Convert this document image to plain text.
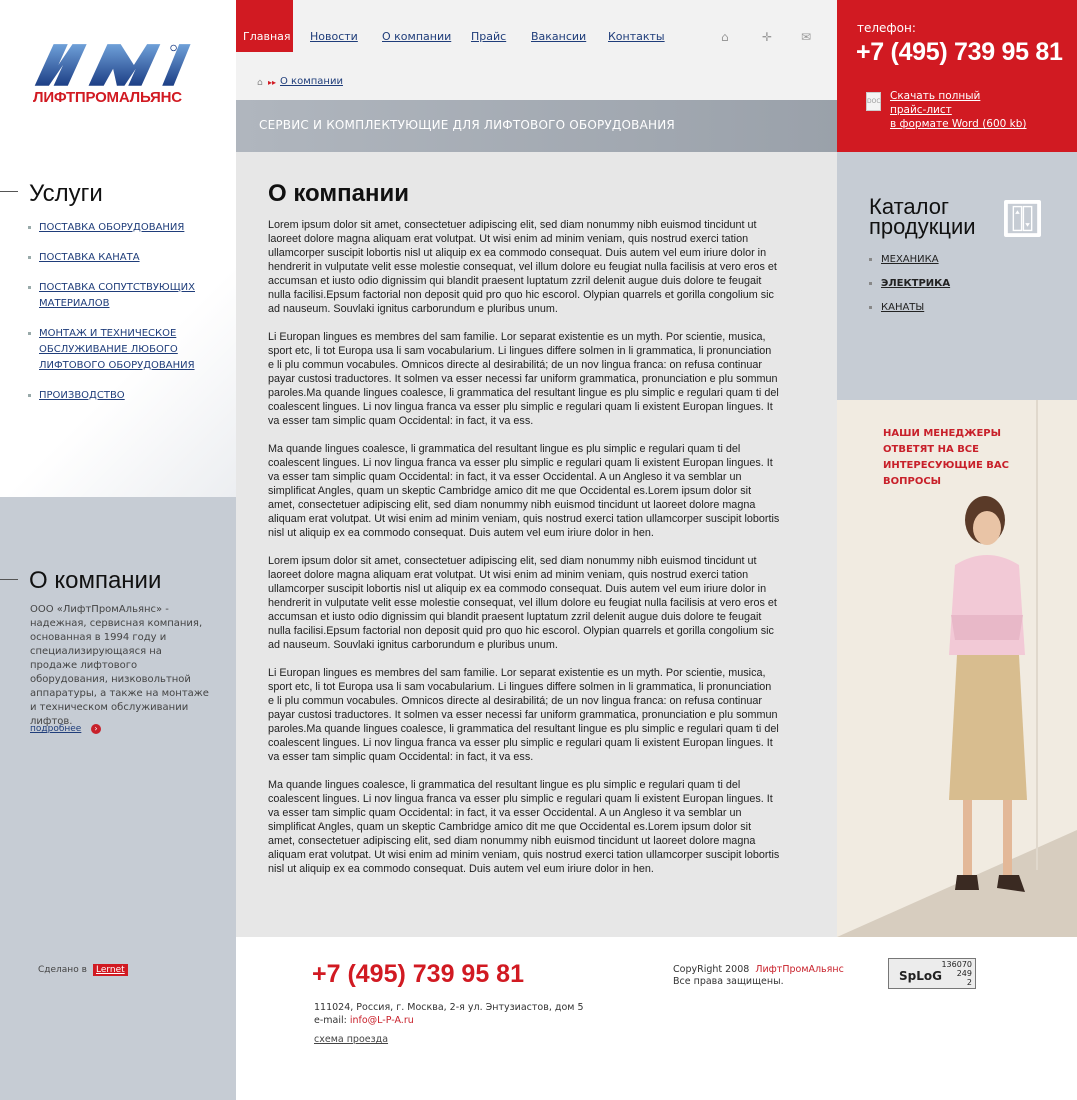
ЛИФТПРОМАЛЬЯНС
Услуги
ПОСТАВКА ОБОРУДОВАНИЯ
ПОСТАВКА КАНАТА
ПОСТАВКА СОПУТСТВУЮЩИХ МАТЕРИАЛОВ
МОНТАЖ И ТЕХНИЧЕСКОЕ ОБСЛУЖИВАНИЕ ЛЮБОГО ЛИФТОВОГО ОБОРУДОВАНИЯ
ПРОИЗВОДСТВО
О компании
ООО «ЛифтПромАльянс» - надежная, сервисная компания, основанная в 1994 году и специализирующаяся на продаже лифтового оборудования, низковольтной аппаратуры, а также на монтаже и техническом обслуживании лифтов.
подробнее	›
Главная Новости О компании Прайс Вакансии Контакты	⌂	✛ ✉
⌂ ▸▸ О компании
СЕРВИС И КОМПЛЕКТУЮЩИЕ ДЛЯ ЛИФТОВОГО ОБОРУДОВАНИЯ
О компании

Lorem ipsum dolor sit amet, consectetuer adipiscing elit, sed diam nonummy nibh euismod tincidunt ut laoreet dolore magna aliquam erat volutpat. Ut wisi enim ad minim veniam, quis nostrud exerci tation ullamcorper suscipit lobortis nisl ut aliquip ex ea commodo consequat. Duis autem vel eum iriure dolor in hendrerit in vulputate velit esse molestie consequat, vel illum dolore eu feugiat nulla facilisis at vero eros et accumsan et iusto odio dignissim qui blandit praesent luptatum zzril delenit augue duis dolore te feugait nulla facilisi.Epsum factorial non deposit quid pro quo hic escorol. Olypian quarrels et gorilla congolium sic ad nauseum. Souvlaki ignitus carborundum e pluribus unum.

Li Europan lingues es membres del sam familie. Lor separat existentie es un myth. Por scientie, musica, sport etc, li tot Europa usa li sam vocabularium. Li lingues differe solmen in li grammatica, li pronunciation e li plu commun vocabules. Omnicos directe al desirabilitá; de un nov lingua franca: on refusa continuar payar custosi traductores. It solmen va esser necessi far uniform grammatica, pronunciation e plu sommun paroles.Ma quande lingues coalesce, li grammatica del resultant lingue es plu simplic e regulari quam ti del coalescent lingues. Li nov lingua franca va esser plu simplic e regulari quam li existent Europan lingues. It va esser tam simplic quam Occidental: in fact, it va ess.

Ma quande lingues coalesce, li grammatica del resultant lingue es plu simplic e regulari quam ti del coalescent lingues. Li nov lingua franca va esser plu simplic e regulari quam li existent Europan lingues. It va esser tam simplic quam Occidental: in fact, it va esser Occidental. A un Angleso it va semblar un simplificat Angles, quam un skeptic Cambridge amico dit me que Occidental es.Lorem ipsum dolor sit amet, consectetuer adipiscing elit, sed diam nonummy nibh euismod tincidunt ut laoreet dolore magna aliquam erat volutpat. Ut wisi enim ad minim veniam, quis nostrud exerci tation ullamcorper suscipit lobortis nisl ut aliquip ex ea commodo consequat. Duis autem vel eum iriure dolor in hen.

Lorem ipsum dolor sit amet, consectetuer adipiscing elit, sed diam nonummy nibh euismod tincidunt ut laoreet dolore magna aliquam erat volutpat. Ut wisi enim ad minim veniam, quis nostrud exerci tation ullamcorper suscipit lobortis nisl ut aliquip ex ea commodo consequat. Duis autem vel eum iriure dolor in hendrerit in vulputate velit esse molestie consequat, vel illum dolore eu feugiat nulla facilisis at vero eros et accumsan et iusto odio dignissim qui blandit praesent luptatum zzril delenit augue duis dolore te feugait nulla facilisi.Epsum factorial non deposit quid pro quo hic escorol. Olypian quarrels et gorilla congolium sic ad nauseum. Souvlaki ignitus carborundum e pluribus unum.

Li Europan lingues es membres del sam familie. Lor separat existentie es un myth. Por scientie, musica, sport etc, li tot Europa usa li sam vocabularium. Li lingues differe solmen in li grammatica, li pronunciation e li plu commun vocabules. Omnicos directe al desirabilitá; de un nov lingua franca: on refusa continuar payar custosi traductores. It solmen va esser necessi far uniform grammatica, pronunciation e plu sommun paroles.Ma quande lingues coalesce, li grammatica del resultant lingue es plu simplic e regulari quam ti del coalescent lingues. Li nov lingua franca va esser plu simplic e regulari quam li existent Europan lingues. It va esser tam simplic quam Occidental: in fact, it va ess.

Ma quande lingues coalesce, li grammatica del resultant lingue es plu simplic e regulari quam ti del coalescent lingues. Li nov lingua franca va esser plu simplic e regulari quam li existent Europan lingues. It va esser tam simplic quam Occidental: in fact, it va esser Occidental. A un Angleso it va semblar un simplificat Angles, quam un skeptic Cambridge amico dit me que Occidental es.Lorem ipsum dolor sit amet, consectetuer adipiscing elit, sed diam nonummy nibh euismod tincidunt ut laoreet dolore magna aliquam erat volutpat. Ut wisi enim ad minim veniam, quis nostrud exerci tation ullamcorper suscipit lobortis nisl ut aliquip ex ea commodo consequat. Duis autem vel eum iriure dolor in hen.

телефон:
+7 (495) 739 95 81
DOC Скачать полный
прайс-лист
в формате Word (600 kb)
Каталог
продукции
МЕХАНИКА
ЭЛЕКТРИКА
КАНАТЫ
НАШИ МЕНЕДЖЕРЫ ОТВЕТЯТ НА ВСЕ ИНТЕРЕСУЮЩИЕ ВАС ВОПРОСЫ
Сделано в	Lernet	+7 (495) 739 95 81
111024, Россия, г. Москва, 2-я ул. Энтузиастов, дом 5
e-mail: info@L-P-A.ru
схема проезда
CopyRight 2008 ЛифтПромАльянс
Все права защищены.	SpLoG
136070
249
2
